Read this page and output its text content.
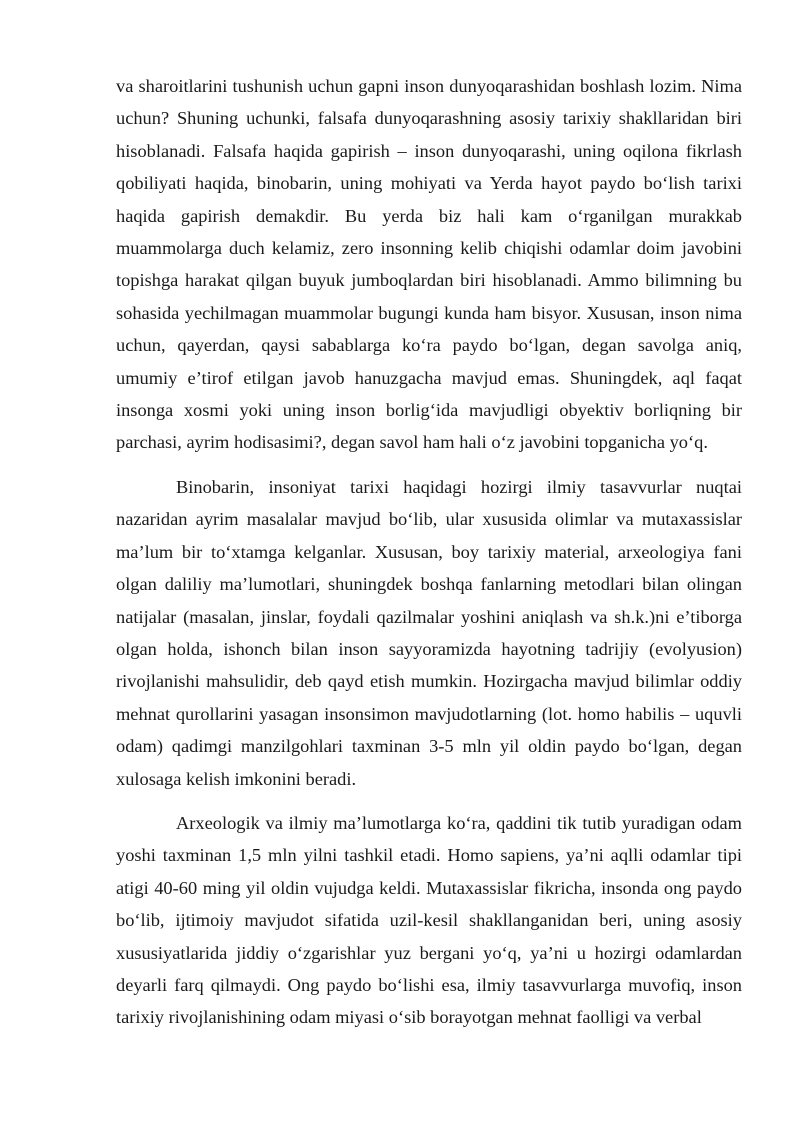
va sharoitlarini tushunish uchun gapni inson dunyoqarashidan boshlash lozim. Nima uchun? Shuning uchunki, falsafa dunyoqarashning asosiy tarixiy shakllaridan biri hisoblanadi. Falsafa haqida gapirish – inson dunyoqarashi, uning oqilona fikrlash qobiliyati haqida, binobarin, uning mohiyati va Yerda hayot paydo boʻlish tarixi haqida gapirish demakdir. Bu yerda biz hali kam oʻrganilgan murakkab muammolarga duch kelamiz, zero insonning kelib chiqishi odamlar doim javobini topishga harakat qilgan buyuk jumboqlardan biri hisoblanadi. Ammo bilimning bu sohasida yechilmagan muammolar bugungi kunda ham bisyor. Xususan, inson nima uchun, qayerdan, qaysi sabablarga koʻra paydo boʻlgan, degan savolga aniq, umumiy e’tirof etilgan javob hanuzgacha mavjud emas. Shuningdek, aql faqat insonga xosmi yoki uning inson borligʻida mavjudligi obyektiv borliqning bir parchasi, ayrim hodisasimi?, degan savol ham hali oʻz javobini topganicha yoʻq.

Binobarin, insoniyat tarixi haqidagi hozirgi ilmiy tasavvurlar nuqtai nazaridan ayrim masalalar mavjud boʻlib, ular xususida olimlar va mutaxassislar ma’lum bir toʻxtamga kelganlar. Xususan, boy tarixiy material, arxeologiya fani olgan daliliy ma’lumotlari, shuningdek boshqa fanlarning metodlari bilan olingan natijalar (masalan, jinslar, foydali qazilmalar yoshini aniqlash va sh.k.)ni e’tiborga olgan holda, ishonch bilan inson sayyoramizda hayotning tadrijiy (evolyusion) rivojlanishi mahsulidir, deb qayd etish mumkin. Hozirgacha mavjud bilimlar oddiy mehnat qurollarini yasagan insonsimon mavjudotlarning (lot. homo habilis – uquvli odam) qadimgi manzilgohlari taxminan 3-5 mln yil oldin paydo boʻlgan, degan xulosaga kelish imkonini beradi.

Arxeologik va ilmiy ma’lumotlarga koʻra, qaddini tik tutib yuradigan odam yoshi taxminan 1,5 mln yilni tashkil etadi. Homo sapiens, ya’ni aqlli odamlar tipi atigi 40-60 ming yil oldin vujudga keldi. Mutaxassislar fikricha, insonda ong paydo boʻlib, ijtimoiy mavjudot sifatida uzil-kesil shakllanganidan beri, uning asosiy xususiyatlarida jiddiy oʻzgarishlar yuz bergani yoʻq, ya’ni u hozirgi odamlardan deyarli farq qilmaydi. Ong paydo boʻlishi esa, ilmiy tasavvurlarga muvofiq, inson tarixiy rivojlanishining odam miyasi oʻsib borayotgan mehnat faolligi va verbal
